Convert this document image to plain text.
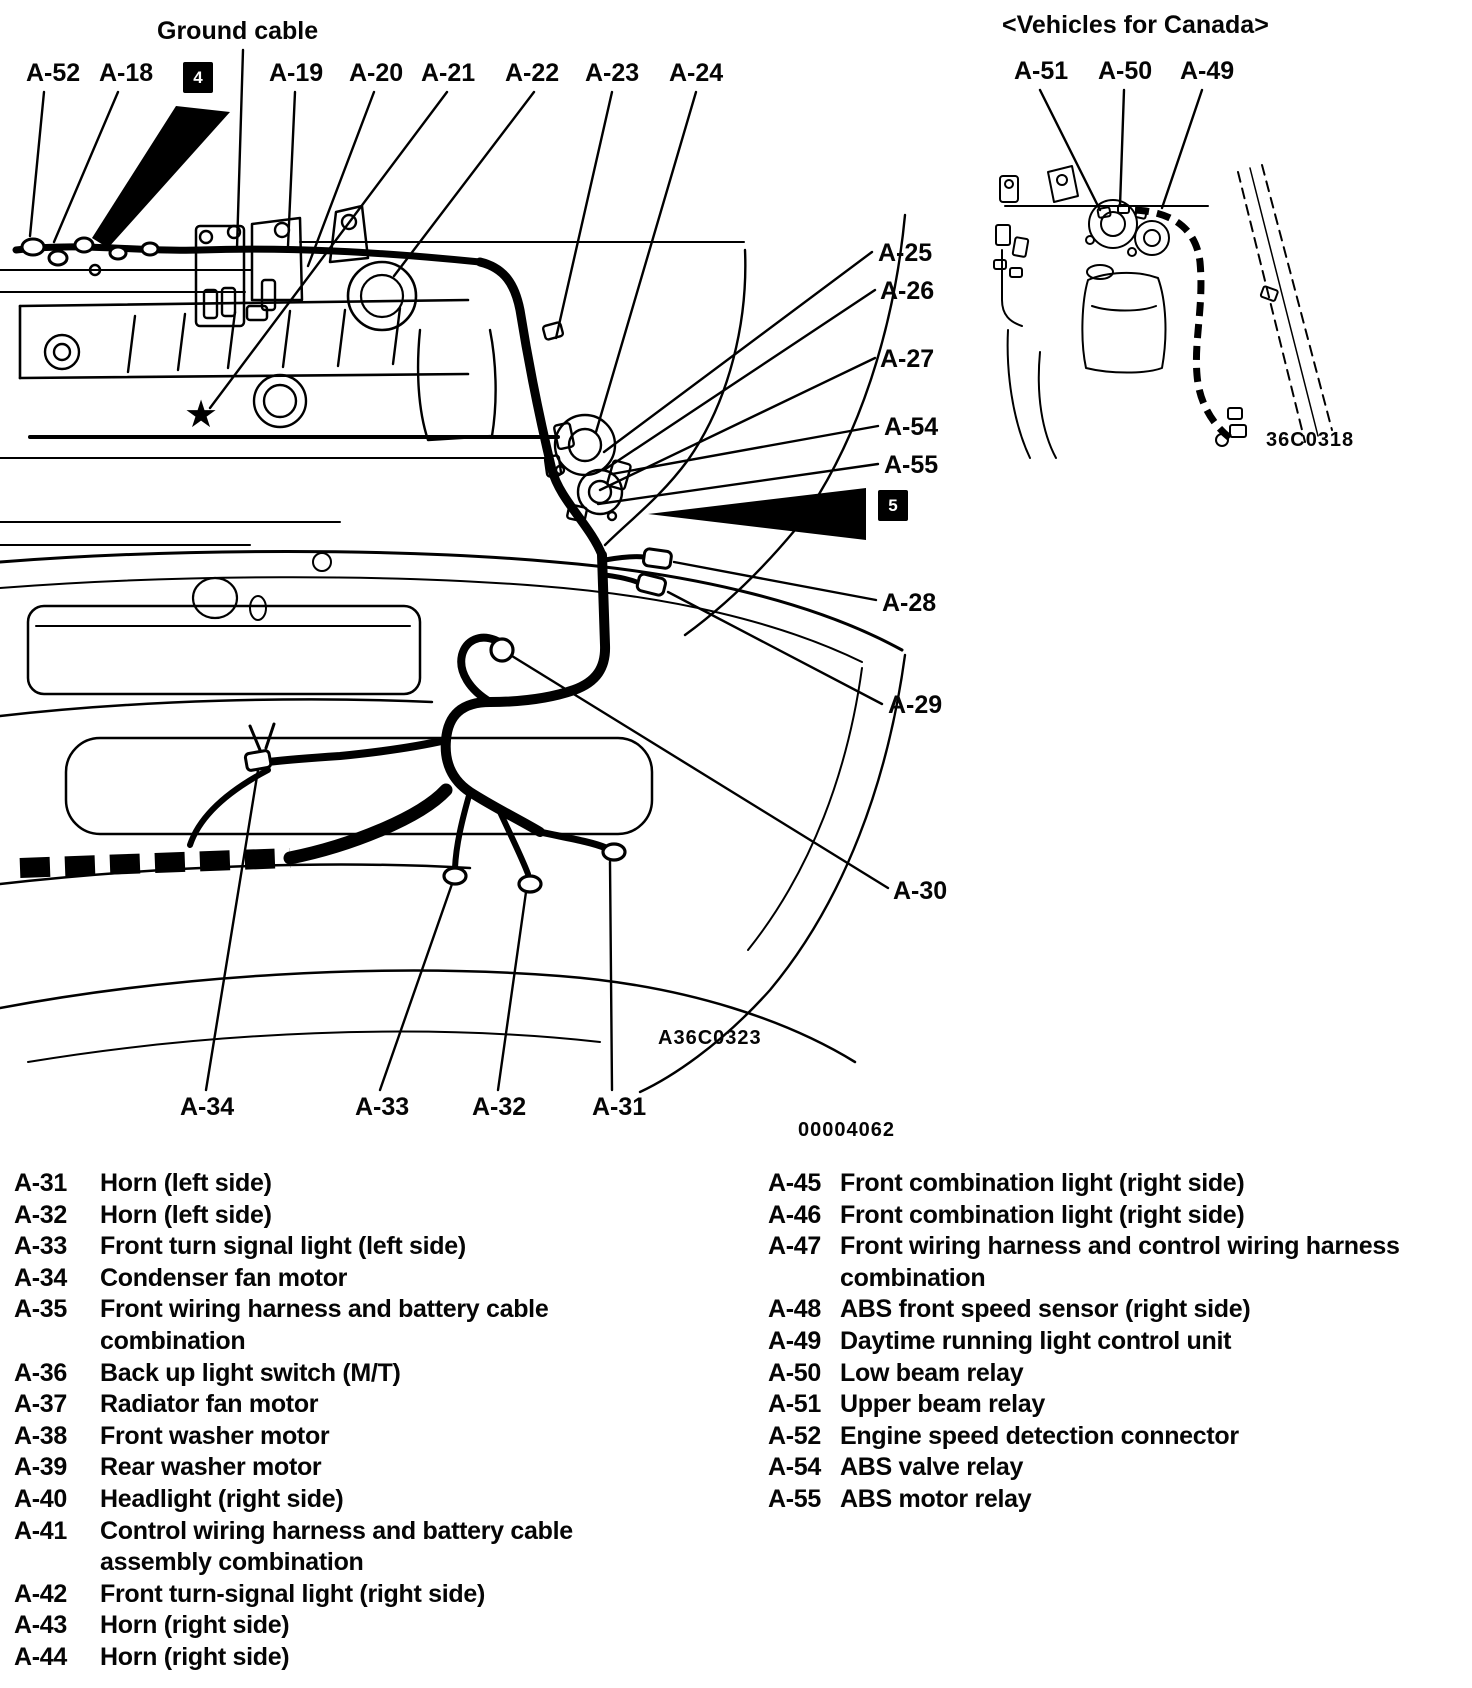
A-52 A-18	4
Ground cable
A-19 A-20 A-21 A-22 A-23 A-24
A-25
A-26
A-27
A-54
A-55
5
A-28
A-29
A-30
A-34	A-33	A-32	A-31
<Vehicles for Canada>
A-51 A-50 A-49
★
A36C0323
00004062
36C0318
A-31	Horn (left side)
A-32	Horn (left side)
A-33	Front turn signal light (left side)
A-34	Condenser fan motor
A-35	Front wiring harness and battery cable combination
A-36	Back up light switch (M/T)
A-37	Radiator fan motor
A-38	Front washer motor
A-39	Rear washer motor
A-40	Headlight (right side)
A-41	Control wiring harness and battery cable assembly combination
A-42	Front turn-signal light (right side)
A-43	Horn (right side)
A-44	Horn (right side)
A-45 Front combination light (right side)
A-46 Front combination light (right side)
A-47 Front wiring harness and control wiring harness combination
A-48 ABS front speed sensor (right side)
A-49 Daytime running light control unit
A-50 Low beam relay
A-51 Upper beam relay
A-52 Engine speed detection connector
A-54 ABS valve relay
A-55 ABS motor relay
